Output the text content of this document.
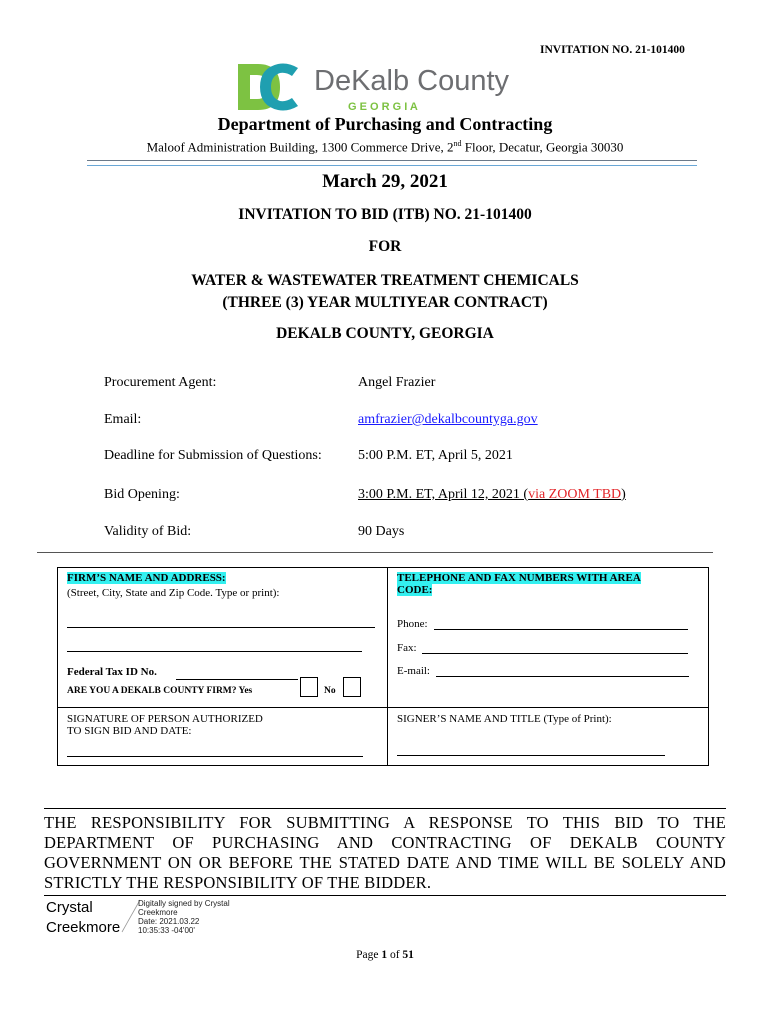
INVITATION NO. 21-101400
DeKalb County
G E O R G I A
Department of Purchasing and Contracting
Maloof Administration Building, 1300 Commerce Drive, 2nd Floor, Decatur, Georgia 30030
March 29, 2021
INVITATION TO BID (ITB) NO. 21-101400
FOR
WATER & WASTEWATER TREATMENT CHEMICALS
(THREE (3) YEAR MULTIYEAR CONTRACT)
DEKALB COUNTY, GEORGIA
Procurement Agent:	Angel Frazier
Email:	amfrazier@dekalbcountyga.gov
Deadline for Submission of Questions:	5:00 P.M. ET, April 5, 2021
Bid Opening:	3:00 P.M. ET, April 12, 2021 (via ZOOM TBD)
Validity of Bid:	90 Days
FIRM’S NAME AND ADDRESS:
(Street, City, State and Zip Code. Type or print):
Federal Tax ID No.
ARE YOU A DEKALB COUNTY FIRM? Yes	No
TELEPHONE AND FAX NUMBERS WITH AREA
CODE:
Phone:
Fax:
E-mail:
SIGNATURE OF PERSON AUTHORIZED
TO SIGN BID AND DATE:
SIGNER’S NAME AND TITLE (Type of Print):
THE RESPONSIBILITY FOR SUBMITTING A RESPONSE TO THIS BID TO THE DEPARTMENT OF PURCHASING AND CONTRACTING OF DEKALB COUNTY GOVERNMENT ON OR BEFORE THE STATED DATE AND TIME WILL BE SOLELY AND STRICTLY THE RESPONSIBILITY OF THE BIDDER.
Crystal
Creekmore
Digitally signed by Crystal
Creekmore
Date: 2021.03.22
10:35:33 -04'00'
Page 1 of 51
